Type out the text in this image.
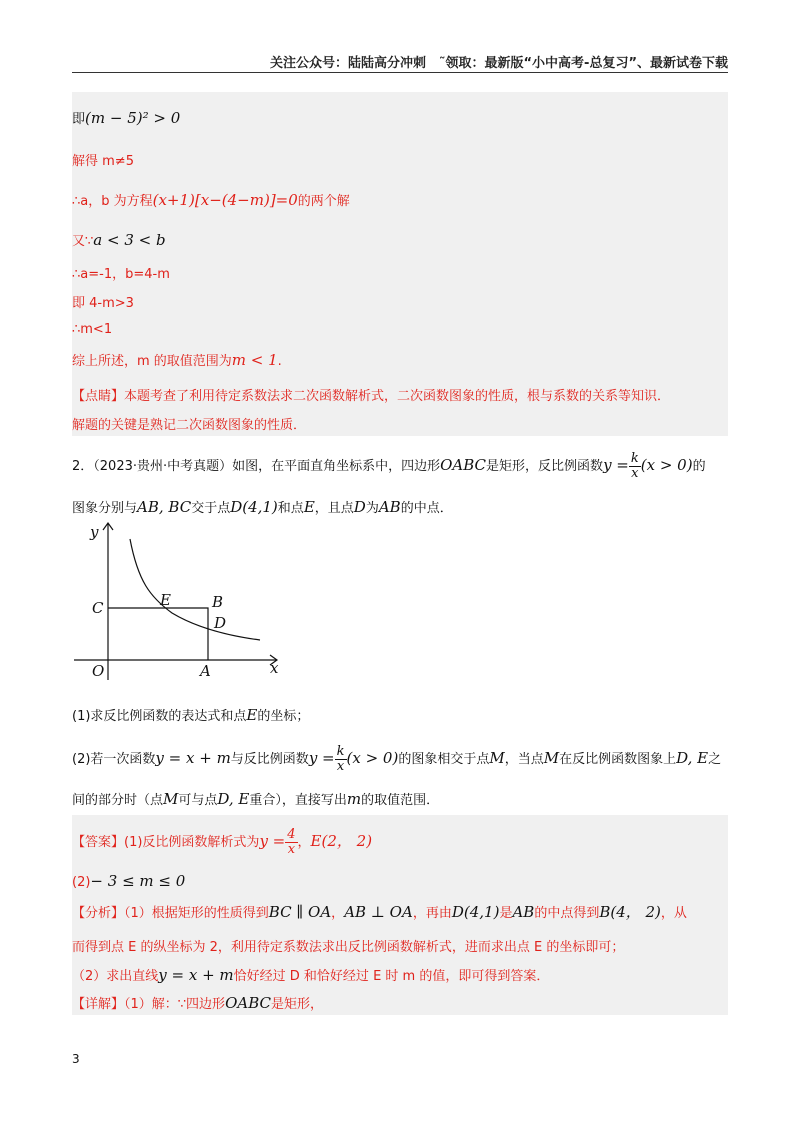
关注公众号：陆陆高分冲刺　˜领取：最新版“小中高考-总复习”、最新试卷下载
即(m − 5)² > 0
解得 m≠5
∴a，b 为方程(x+1)[x−(4−m)]=0的两个解
又∵a < 3 < b
∴a=-1，b=4-m
即 4-m>3
∴m<1
综上所述，m 的取值范围为m < 1.
【点睛】本题考查了利用待定系数法求二次函数解析式，二次函数图象的性质，根与系数的关系等知识．
解题的关键是熟记二次函数图象的性质．
2．（2023·贵州·中考真题）如图，在平面直角坐标系中，四边形OABC是矩形，反比例函数$y = \frac{k}{x} (x > 0)$的
图象分别与AB, BC交于点D(4,1)和点E，且点D为AB的中点．
y
x
O	A
B
C
D
E
(1)求反比例函数的表达式和点E的坐标；
(2)若一次函数y = x + m与反比例函数$y = \frac{k}{x} (x > 0)$的图象相交于点M，当点M在反比例函数图象上D, E之
间的部分时（点M可与点D, E重合），直接写出m的取值范围．
【答案】(1)反比例函数解析式为$y = \frac{4}{x}$ ，E(2， 2)
(2)− 3 ≤ m ≤ 0
【分析】（1）根据矩形的性质得到BC ∥ OA，AB ⊥ OA，再由D(4,1)是AB的中点得到B(4， 2)，从
而得到点 E 的纵坐标为 2，利用待定系数法求出反比例函数解析式，进而求出点 E 的坐标即可；
（2）求出直线y = x + m恰好经过 D 和恰好经过 E 时 m 的值，即可得到答案．
【详解】（1）解：∵四边形OABC是矩形，
3
